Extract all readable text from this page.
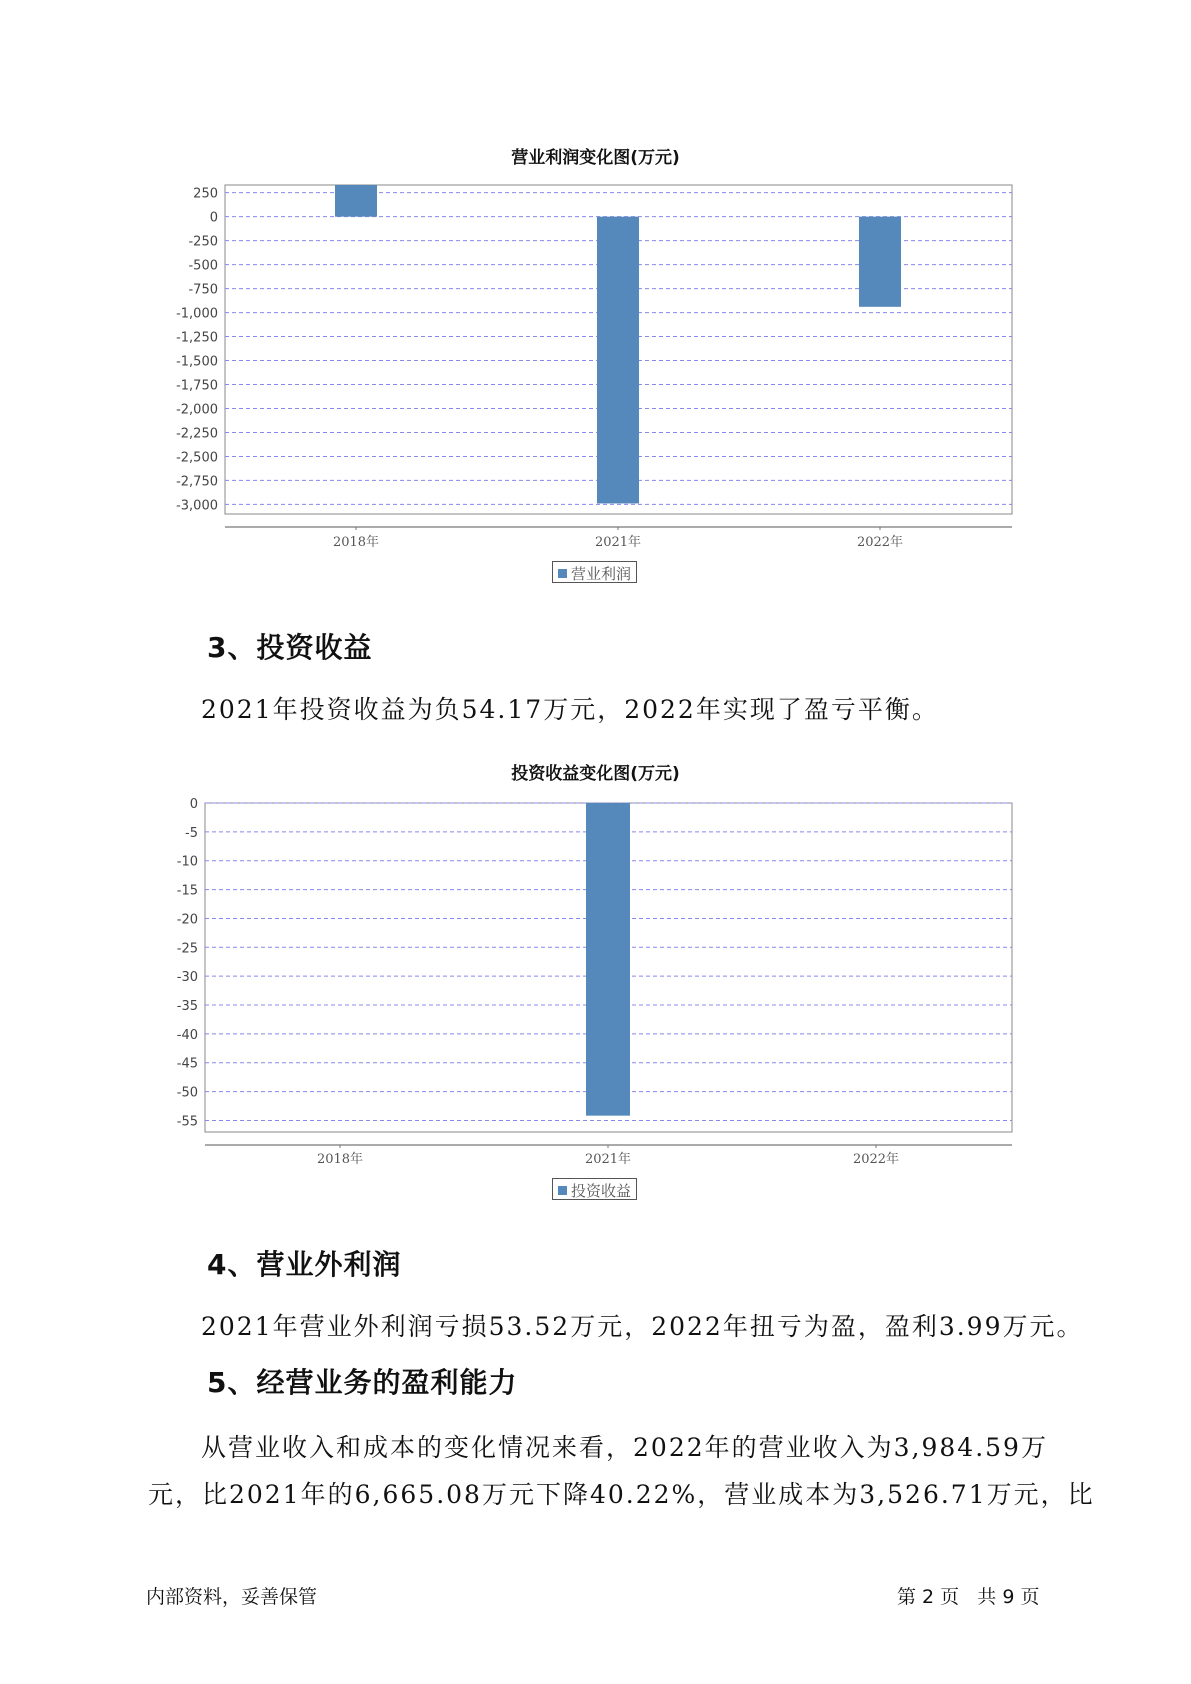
营业利润变化图(万元)
250
0
-250
-500
-750
-1,000
-1,250
-1,500
-1,750
-2,000
-2,250
-2,500
-2,750
-3,000
2018年	2021年	2022年
营业利润
3、投资收益
2021年投资收益为负54.17万元，2022年实现了盈亏平衡。
投资收益变化图(万元)
0
-5
-10
-15
-20
-25
-30
-35
-40
-45
-50
-55
2018年	2021年	2022年
投资收益
4、营业外利润
2021年营业外利润亏损53.52万元，2022年扭亏为盈，盈利3.99万元。
5、经营业务的盈利能力
从营业收入和成本的变化情况来看，2022年的营业收入为3,984.59万
元，比2021年的6,665.08万元下降40.22%，营业成本为3,526.71万元，比
内部资料，妥善保管	第 2 页   共 9 页
